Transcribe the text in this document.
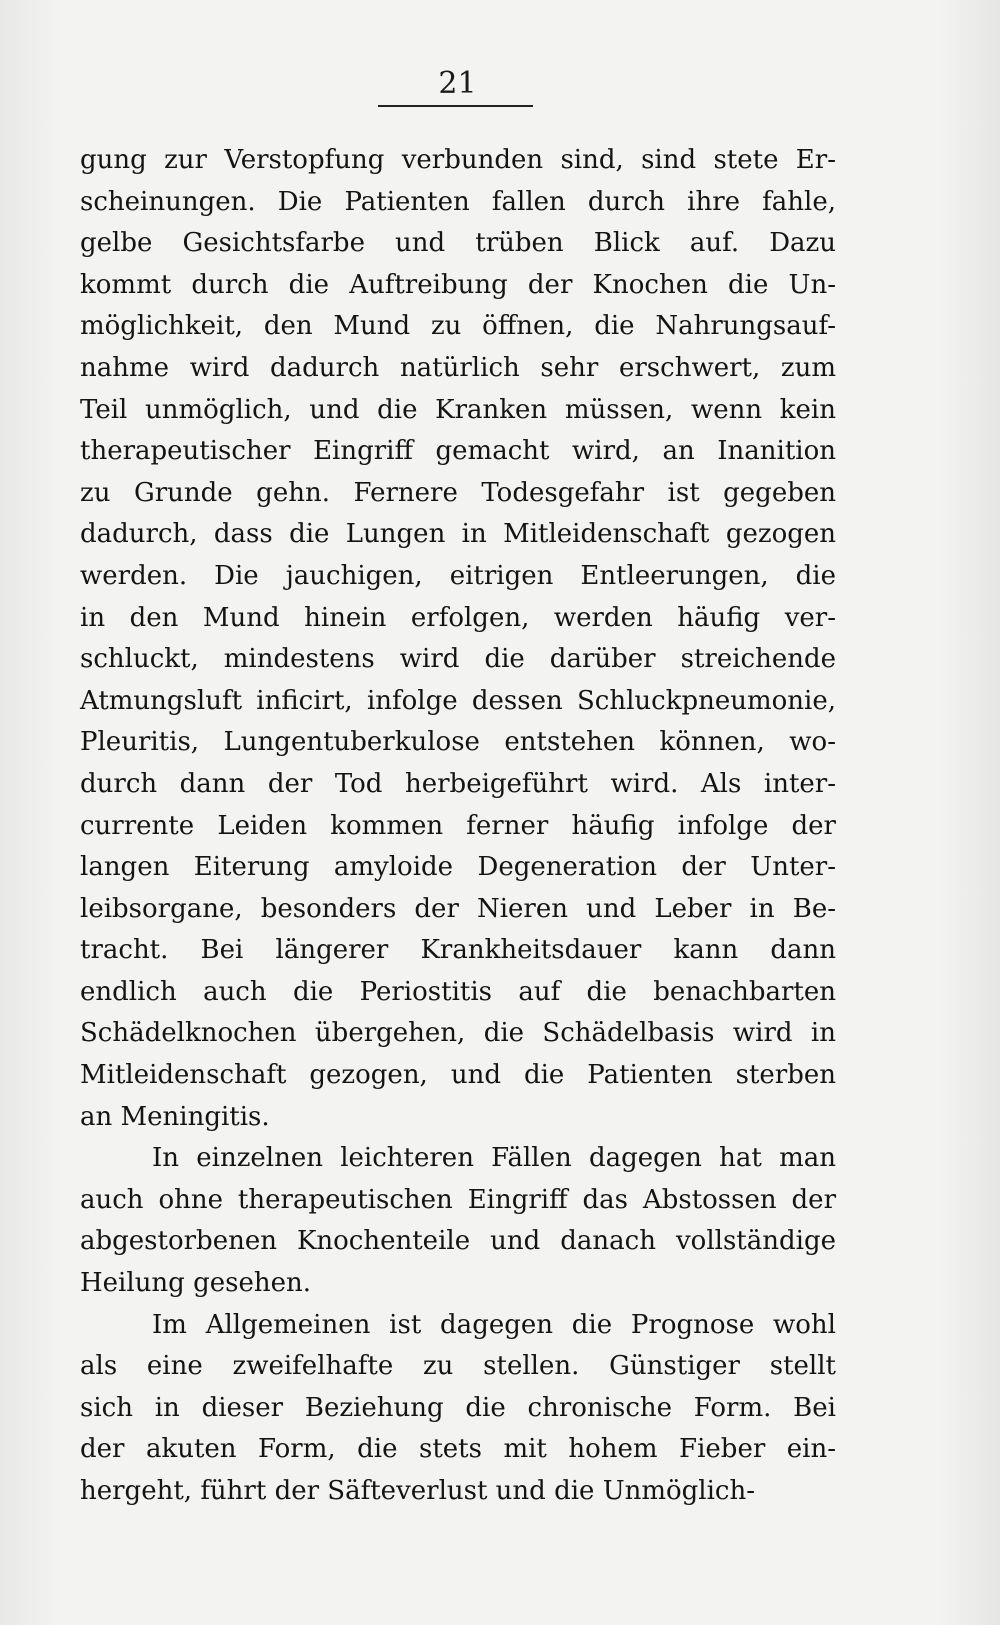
21
gung zur Verstopfung verbunden sind, sind stete Er-
scheinungen. Die Patienten fallen durch ihre fahle,
gelbe Gesichtsfarbe und trüben Blick auf. Dazu
kommt durch die Auftreibung der Knochen die Un-
möglichkeit, den Mund zu öffnen, die Nahrungsauf-
nahme wird dadurch natürlich sehr erschwert, zum
Teil unmöglich, und die Kranken müssen, wenn kein
therapeutischer Eingriff gemacht wird, an Inanition
zu Grunde gehn. Fernere Todesgefahr ist gegeben
dadurch, dass die Lungen in Mitleidenschaft gezogen
werden. Die jauchigen, eitrigen Entleerungen, die
in den Mund hinein erfolgen, werden häufig ver-
schluckt, mindestens wird die darüber streichende
Atmungsluft inficirt, infolge dessen Schluckpneumonie,
Pleuritis, Lungentuberkulose entstehen können, wo-
durch dann der Tod herbeigeführt wird. Als inter-
currente Leiden kommen ferner häufig infolge der
langen Eiterung amyloide Degeneration der Unter-
leibsorgane, besonders der Nieren und Leber in Be-
tracht. Bei längerer Krankheitsdauer kann dann
endlich auch die Periostitis auf die benachbarten
Schädelknochen übergehen, die Schädelbasis wird in
Mitleidenschaft gezogen, und die Patienten sterben
an Meningitis.
In einzelnen leichteren Fällen dagegen hat man
auch ohne therapeutischen Eingriff das Abstossen der
abgestorbenen Knochenteile und danach vollständige
Heilung gesehen.
Im Allgemeinen ist dagegen die Prognose wohl
als eine zweifelhafte zu stellen. Günstiger stellt
sich in dieser Beziehung die chronische Form. Bei
der akuten Form, die stets mit hohem Fieber ein-
hergeht, führt der Säfteverlust und die Unmöglich-
